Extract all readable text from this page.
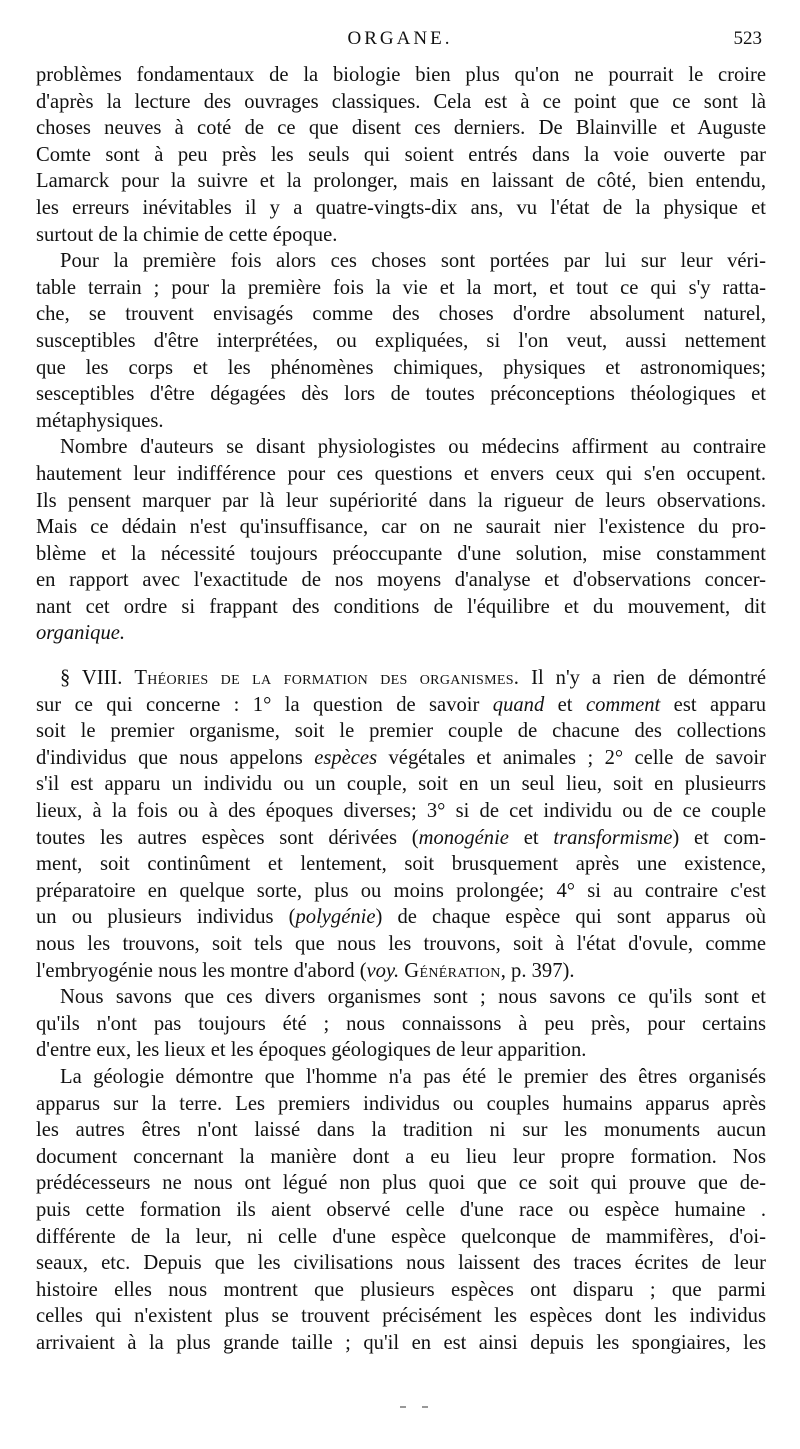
ORGANE.	523

problèmes fondamentaux de la biologie bien plus qu'on ne pourrait le croire
d'après la lecture des ouvrages classiques. Cela est à ce point que ce sont là
choses neuves à coté de ce que disent ces derniers. De Blainville et Auguste
Comte sont à peu près les seuls qui soient entrés dans la voie ouverte par
Lamarck pour la suivre et la prolonger, mais en laissant de côté, bien entendu,
les erreurs inévitables il y a quatre-vingts-dix ans, vu l'état de la physique et
surtout de la chimie de cette époque.

Pour la première fois alors ces choses sont portées par lui sur leur véri-
table terrain ; pour la première fois la vie et la mort, et tout ce qui s'y ratta-
che, se trouvent envisagés comme des choses d'ordre absolument naturel,
susceptibles d'être interprétées, ou expliquées, si l'on veut, aussi nettement
que les corps et les phénomènes chimiques, physiques et astronomiques;
sesceptibles d'être dégagées dès lors de toutes préconceptions théologiques et
métaphysiques.

Nombre d'auteurs se disant physiologistes ou médecins affirment au contraire
hautement leur indifférence pour ces questions et envers ceux qui s'en occupent.
Ils pensent marquer par là leur supériorité dans la rigueur de leurs observations.
Mais ce dédain n'est qu'insuffisance, car on ne saurait nier l'existence du pro-
blème et la nécessité toujours préoccupante d'une solution, mise constamment
en rapport avec l'exactitude de nos moyens d'analyse et d'observations concer-
nant cet ordre si frappant des conditions de l'équilibre et du mouvement, dit
organique.

§ VIII. Théories de la formation des organismes. Il n'y a rien de démontré
sur ce qui concerne : 1° la question de savoir quand et comment est apparu
soit le premier organisme, soit le premier couple de chacune des collections
d'individus que nous appelons espèces végétales et animales ; 2° celle de savoir
s'il est apparu un individu ou un couple, soit en un seul lieu, soit en plusieurrs
lieux, à la fois ou à des époques diverses; 3° si de cet individu ou de ce couple
toutes les autres espèces sont dérivées (monogénie et transformisme) et com-
ment, soit continûment et lentement, soit brusquement après une existence,
préparatoire en quelque sorte, plus ou moins prolongée; 4° si au contraire c'est
un ou plusieurs individus (polygénie) de chaque espèce qui sont apparus où
nous les trouvons, soit tels que nous les trouvons, soit à l'état d'ovule, comme
l'embryogénie nous les montre d'abord (voy. Génération, p. 397).

Nous savons que ces divers organismes sont ; nous savons ce qu'ils sont et
qu'ils n'ont pas toujours été ; nous connaissons à peu près, pour certains
d'entre eux, les lieux et les époques géologiques de leur apparition.

La géologie démontre que l'homme n'a pas été le premier des êtres organisés
apparus sur la terre. Les premiers individus ou couples humains apparus après
les autres êtres n'ont laissé dans la tradition ni sur les monuments aucun
document concernant la manière dont a eu lieu leur propre formation. Nos
prédécesseurs ne nous ont légué non plus quoi que ce soit qui prouve que de-
puis cette formation ils aient observé celle d'une race ou espèce humaine .
différente de la leur, ni celle d'une espèce quelconque de mammifères, d'oi-
seaux, etc. Depuis que les civilisations nous laissent des traces écrites de leur
histoire elles nous montrent que plusieurs espèces ont disparu ; que parmi
celles qui n'existent plus se trouvent précisément les espèces dont les individus
arrivaient à la plus grande taille ; qu'il en est ainsi depuis les spongiaires, les
